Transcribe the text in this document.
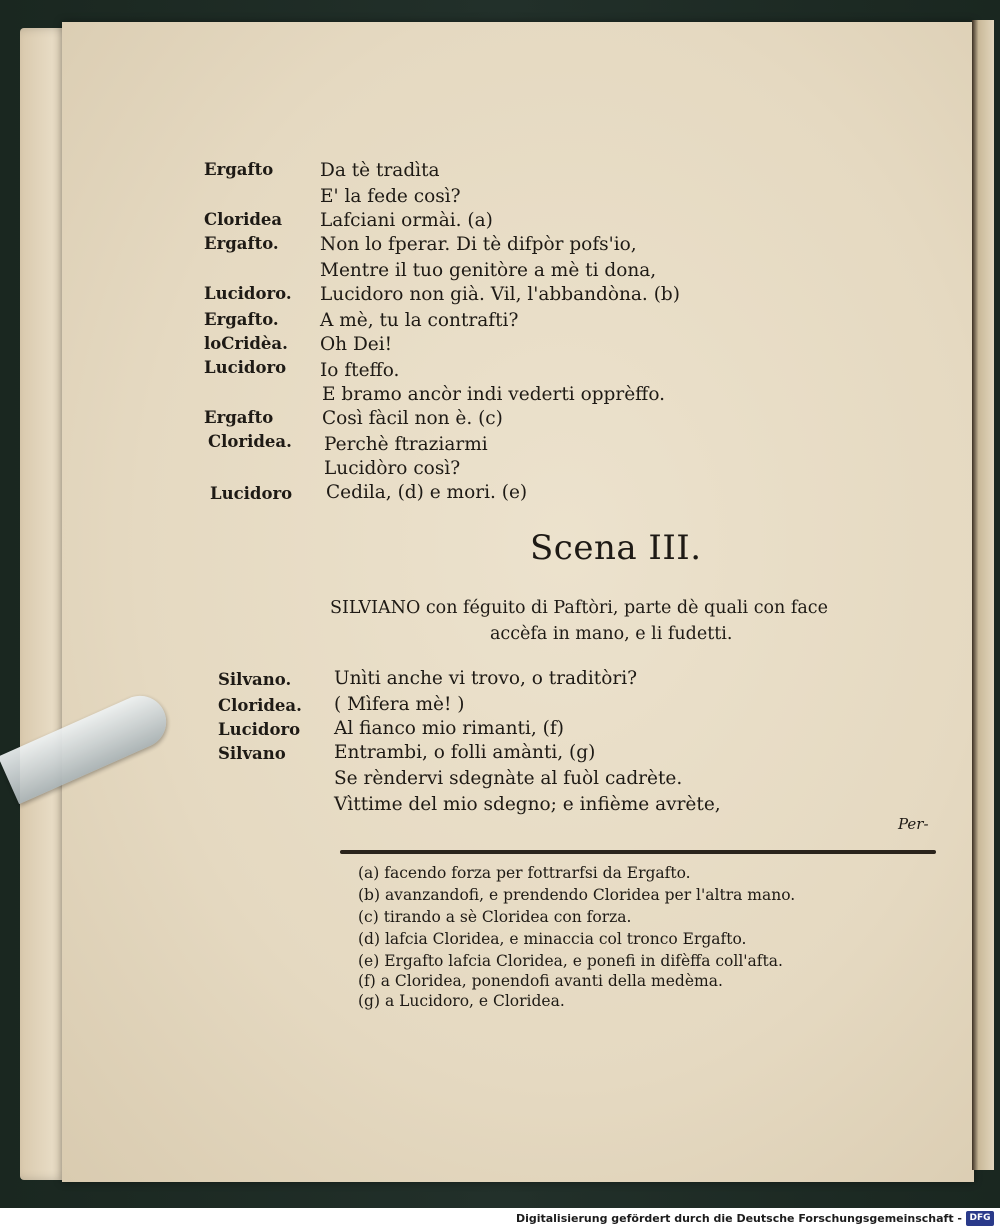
Ergafto	Da tè tradìta
E' la fede così?
Cloridea Lafciani ormài. (a)
Ergafto. Non lo fperar. Di tè difpòr pofs'io,
Mentre il tuo genitòre a mè ti dona,
Lucidoro. Lucidoro non già. Vil, l'abbandòna. (b)
Ergafto. A mè, tu la contrafti?
loCridèa. Oh Dei!
Lucidoro Io fteffo.
E bramo ancòr indi vederti opprèffo.
Ergafto	Così fàcil non è. (c)
Cloridea. Perchè ftraziarmi
Lucidòro così?
Lucidoro Cedila, (d) e mori. (e)
Scena III.
SILVIANO con féguito di Paftòri, parte dè quali con face
accèfa in mano, e li fudetti.
Silvano. Unìti anche vi trovo, o traditòri?
Cloridea. ( Mìfera mè! )
Lucidoro Al fianco mio rimanti, (f)
Silvano	Entrambi, o folli amànti, (g)
Se rèndervi sdegnàte al fuòl cadrète.
Vìttime del mio sdegno; e infième avrète,
Per-
(a) facendo forza per fottrarfsi da Ergafto.
(b) avanzandofi, e prendendo Cloridea per l'altra mano.
(c) tirando a sè Cloridea con forza.
(d) lafcia Cloridea, e minaccia col tronco Ergafto.
(e) Ergafto lafcia Cloridea, e ponefi in difèffa coll'afta.
(f) a Cloridea, ponendofi avanti della medèma.
(g) a Lucidoro, e Cloridea.
Digitalisierung gefördert durch die Deutsche Forschungsgemeinschaft - DFG
